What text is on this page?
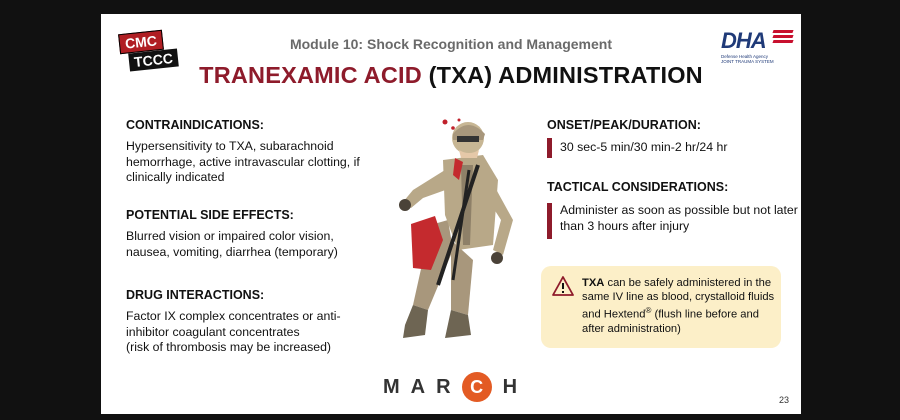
CMC
TCCC
Module 10: Shock Recognition and Management	DHA
Defense Health Agency
JOINT TRAUMA SYSTEM
TRANEXAMIC ACID (TXA) ADMINISTRATION
CONTRAINDICATIONS:
Hypersensitivity to TXA, subarachnoid hemorrhage, active intravascular clotting, if clinically indicated
POTENTIAL SIDE EFFECTS:
Blurred vision or impaired color vision, nausea, vomiting, diarrhea (temporary)
DRUG INTERACTIONS:
Factor IX complex concentrates or anti-inhibitor coagulant concentrates
(risk of thrombosis may be increased)
ONSET/PEAK/DURATION:
30 sec-5 min/30 min-2 hr/24 hr
TACTICAL CONSIDERATIONS:
Administer as soon as possible but not later than 3 hours after injury
TXA can be safely administered in the same IV line as blood, crystalloid fluids and Hextend® (flush line before and after administration)
M A R C H
23
